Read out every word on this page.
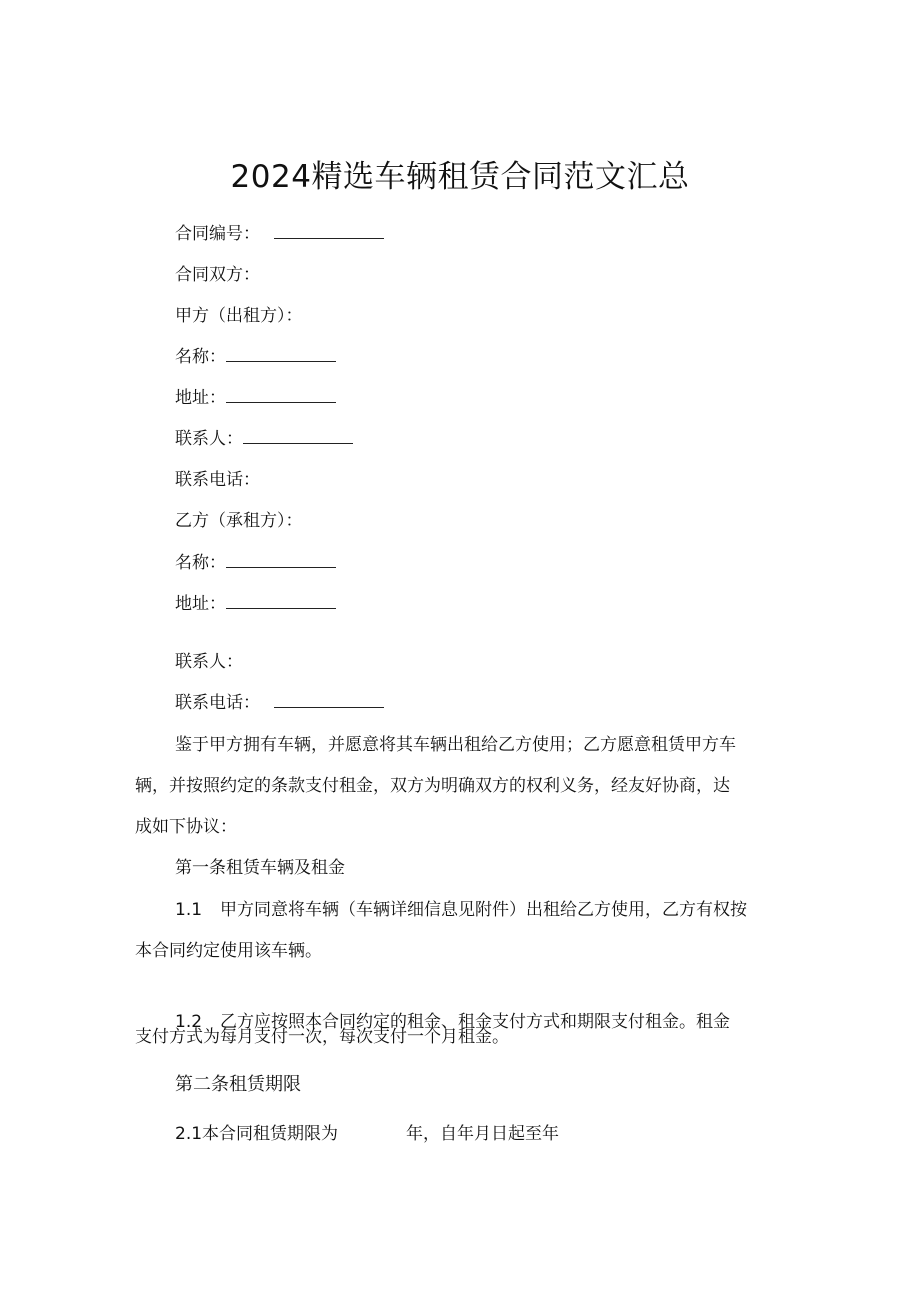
2024精选车辆租赁合同范文汇总
合同编号：
合同双方：
甲方（出租方）：
名称：
地址：
联系人：
联系电话：
乙方（承租方）：
名称：
地址：
联系人：
联系电话：
鉴于甲方拥有车辆，并愿意将其车辆出租给乙方使用；乙方愿意租赁甲方车
辆，并按照约定的条款支付租金，双方为明确双方的权利义务，经友好协商，达
成如下协议：
第一条租赁车辆及租金
1.1 甲方同意将车辆（车辆详细信息见附件）出租给乙方使用，乙方有权按
本合同约定使用该车辆。
1.2 乙方应按照本合同约定的租金、租金支付方式和期限支付租金。租金
支付方式为每月支付一次，每次支付一个月租金。
第二条租赁期限
2.1本合同租赁期限为	年，自年月日起至年
